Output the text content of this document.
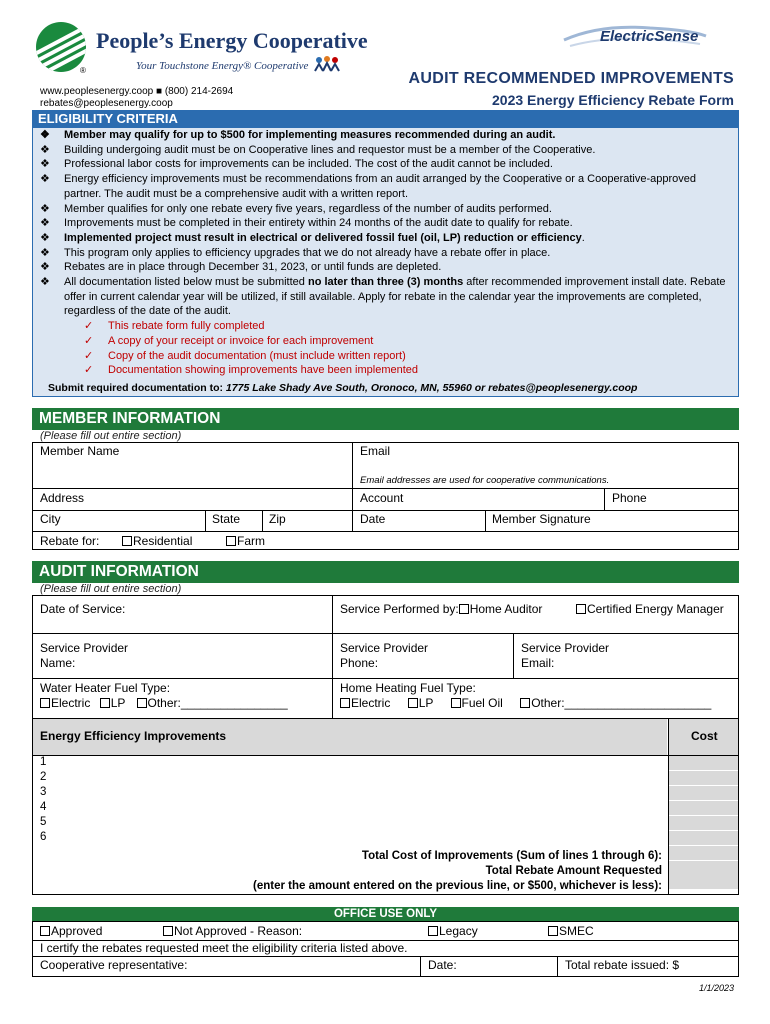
®
People’s Energy Cooperative
Your Touchstone Energy® Cooperative
ElectricSense
www.peoplesenergy.coop ■ (800) 214-2694
rebates@peoplesenergy.coop
AUDIT RECOMMENDED IMPROVEMENTS
2023 Energy Efficiency Rebate Form
ELIGIBILITY CRITERIA
❖ Member may qualify for up to $500 for implementing measures recommended during an audit.
❖ Building undergoing audit must be on Cooperative lines and requestor must be a member of the Cooperative.
❖ Professional labor costs for improvements can be included. The cost of the audit cannot be included.
❖ Energy efficiency improvements must be recommendations from an audit arranged by the Cooperative or a Cooperative-approved partner. The audit must be a comprehensive audit with a written report.
❖ Member qualifies for only one rebate every five years, regardless of the number of audits performed.
❖ Improvements must be completed in their entirety within 24 months of the audit date to qualify for rebate.
❖ Implemented project must result in electrical or delivered fossil fuel (oil, LP) reduction or efficiency.
❖ This program only applies to efficiency upgrades that we do not already have a rebate offer in place.
❖ Rebates are in place through December 31, 2023, or until funds are depleted.
❖ All documentation listed below must be submitted no later than three (3) months after recommended improvement install date. Rebate offer in current calendar year will be utilized, if still available. Apply for rebate in the calendar year the improvements are completed, regardless of the date of the audit.
✓ This rebate form fully completed
✓ A copy of your receipt or invoice for each improvement
✓ Copy of the audit documentation (must include written report)
✓ Documentation showing improvements have been implemented
Submit required documentation to: 1775 Lake Shady Ave South, Oronoco, MN, 55960 or rebates@peoplesenergy.coop
MEMBER INFORMATION
(Please fill out entire section)
Member Name	Email
Email addresses are used for cooperative communications.
Address	Account	Phone
City	State Zip	Date	Member Signature
Rebate for:	Residential	Farm
AUDIT INFORMATION
(Please fill out entire section)
Date of Service:	Service Performed by: Home Auditor	Certified Energy Manager
Service Provider
Name:
Service Provider
Phone:
Service Provider
Email:
Water Heater Fuel Type:
Electric LP Other:________________
Home Heating Fuel Type:
Electric LP Fuel Oil Other:______________________
Energy Efficiency Improvements	Cost
1
2
3
4
5
6
Total Cost of Improvements (Sum of lines 1 through 6):
Total Rebate Amount Requested
(enter the amount entered on the previous line, or $500, whichever is less):
OFFICE USE ONLY
Approved	Not Approved - Reason:	Legacy	SMEC
I certify the rebates requested meet the eligibility criteria listed above.
Cooperative representative:	Date:	Total rebate issued: $
1/1/2023
